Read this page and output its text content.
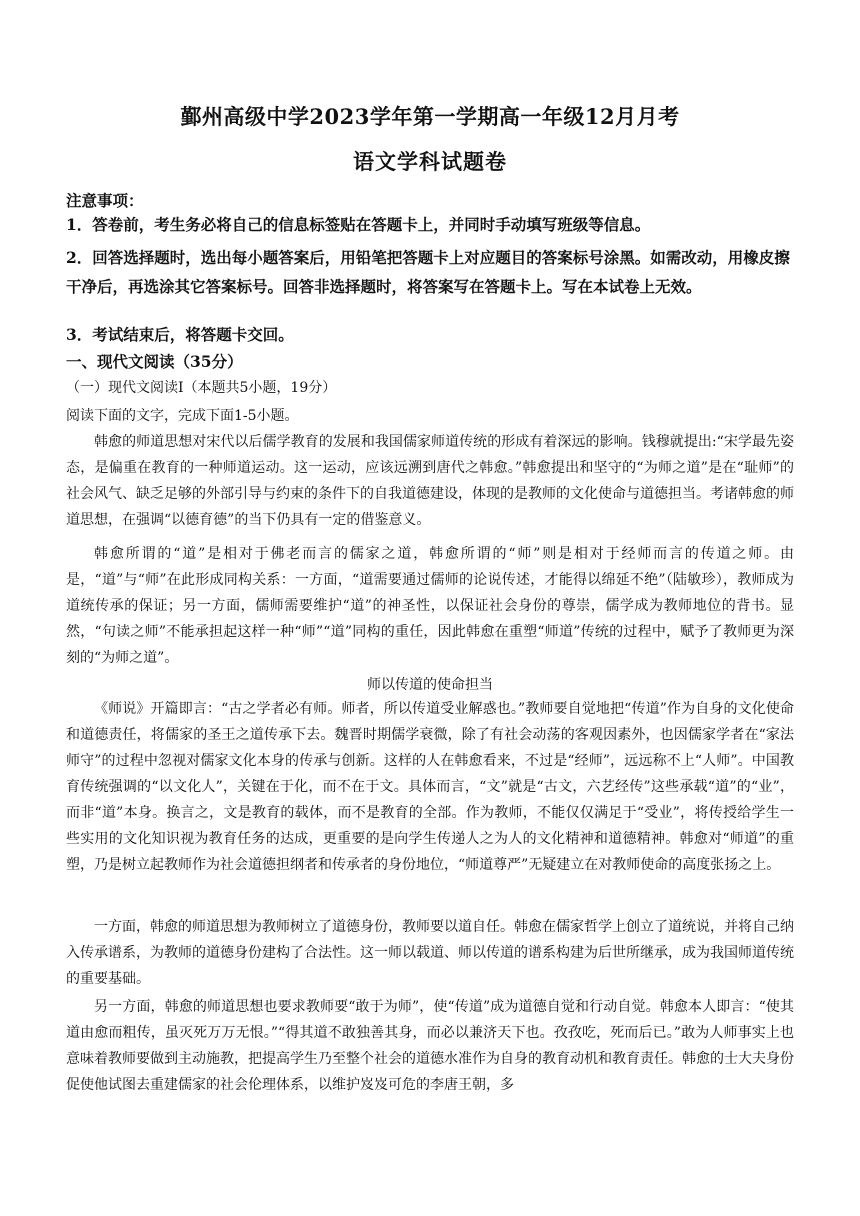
鄞州高级中学2023学年第一学期高一年级12月月考
语文学科试题卷
注意事项：
1．答卷前，考生务必将自己的信息标签贴在答题卡上，并同时手动填写班级等信息。
2．回答选择题时，选出每小题答案后，用铅笔把答题卡上对应题目的答案标号涂黑。如需改动，用橡皮擦干净后，再选涂其它答案标号。回答非选择题时，将答案写在答题卡上。写在本试卷上无效。
3．考试结束后，将答题卡交回。
一、现代文阅读（35分）
（一）现代文阅读Ⅰ（本题共5小题，19分）
阅读下面的文字，完成下面1-5小题。

韩愈的师道思想对宋代以后儒学教育的发展和我国儒家师道传统的形成有着深远的影响。钱穆就提出:“宋学最先姿态，是偏重在教育的一种师道运动。这一运动，应该远溯到唐代之韩愈。”韩愈提出和坚守的“为师之道”是在“耻师”的社会风气、缺乏足够的外部引导与约束的条件下的自我道德建设，体现的是教师的文化使命与道德担当。考诸韩愈的师道思想，在强调“以德育德”的当下仍具有一定的借鉴意义。

韩愈所谓的“道”是相对于佛老而言的儒家之道，韩愈所谓的“师”则是相对于经师而言的传道之师。由是，“道”与“师”在此形成同构关系：一方面，“道需要通过儒师的论说传述，才能得以绵延不绝”（陆敏珍），教师成为道统传承的保证；另一方面，儒师需要维护“道”的神圣性，以保证社会身份的尊崇，儒学成为教师地位的背书。显然，“句读之师”不能承担起这样一种“师”“道”同构的重任，因此韩愈在重塑“师道”传统的过程中，赋予了教师更为深刻的“为师之道”。

师以传道的使命担当

《师说》开篇即言：“古之学者必有师。师者，所以传道受业解惑也。”教师要自觉地把“传道”作为自身的文化使命和道德责任，将儒家的圣王之道传承下去。魏晋时期儒学衰微，除了有社会动荡的客观因素外，也因儒家学者在“家法师守”的过程中忽视对儒家文化本身的传承与创新。这样的人在韩愈看来，不过是“经师”，远远称不上“人师”。中国教育传统强调的“以文化人”，关键在于化，而不在于文。具体而言，“文”就是“古文，六艺经传”这些承载“道”的“业”，而非“道”本身。换言之，文是教育的载体，而不是教育的全部。作为教师，不能仅仅满足于“受业”，将传授给学生一些实用的文化知识视为教育任务的达成，更重要的是向学生传递人之为人的文化精神和道德精神。韩愈对“师道”的重塑，乃是树立起教师作为社会道德担纲者和传承者的身份地位，“师道尊严”无疑建立在对教师使命的高度张扬之上。

一方面，韩愈的师道思想为教师树立了道德身份，教师要以道自任。韩愈在儒家哲学上创立了道统说，并将自己纳入传承谱系，为教师的道德身份建构了合法性。这一师以载道、师以传道的谱系构建为后世所继承，成为我国师道传统的重要基础。

另一方面，韩愈的师道思想也要求教师要“敢于为师”，使“传道”成为道德自觉和行动自觉。韩愈本人即言：“使其道由愈而粗传，虽灭死万万无恨。”“得其道不敢独善其身，而必以兼济天下也。孜孜吃，死而后已。”敢为人师事实上也意味着教师要做到主动施教，把提高学生乃至整个社会的道德水准作为自身的教育动机和教育责任。韩愈的士大夫身份促使他试图去重建儒家的社会伦理体系，以维护岌岌可危的李唐王朝，多
